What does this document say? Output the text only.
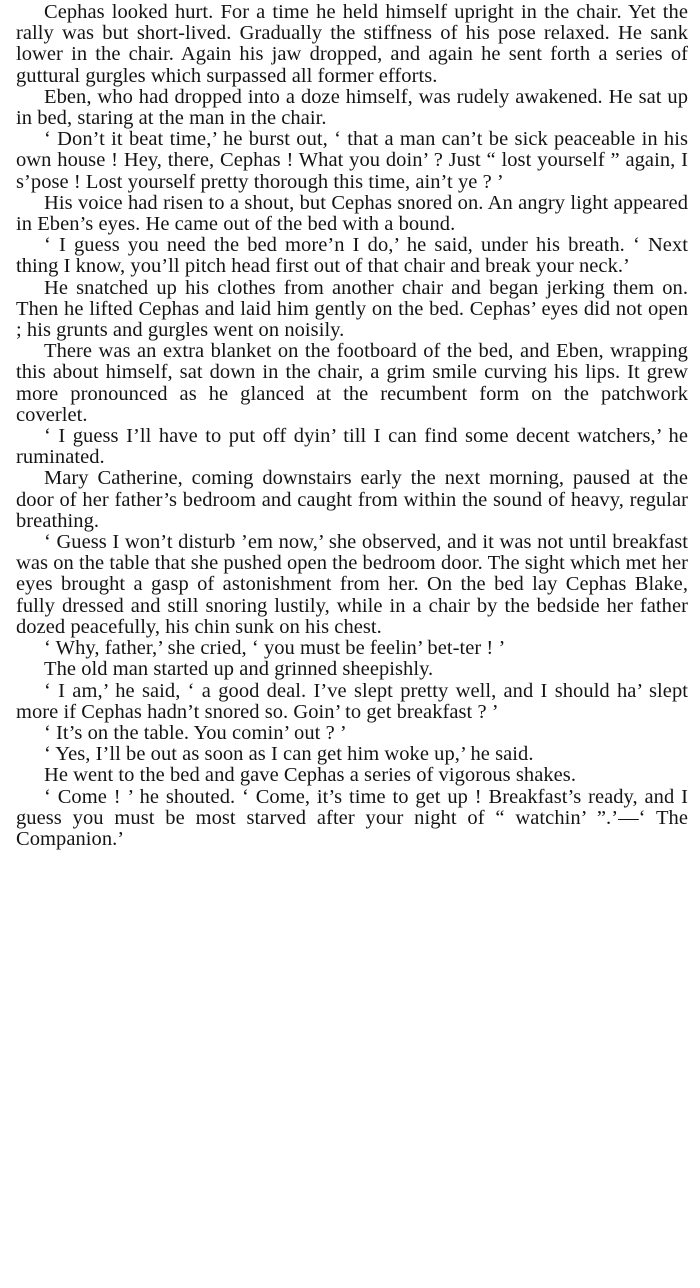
Cephas looked hurt. For a time he held himself upright in the chair. Yet the rally was but short-lived. Gradually the stiffness of his pose relaxed. He sank lower in the chair. Again his jaw dropped, and again he sent forth a series of guttural gurgles which surpassed all former efforts.

Eben, who had dropped into a doze himself, was rudely awakened. He sat up in bed, staring at the man in the chair.

‘ Don’t it beat time,’ he burst out, ‘ that a man can’t be sick peaceable in his own house ! Hey, there, Cephas ! What you doin’ ? Just “ lost yourself ” again, I s’pose ! Lost yourself pretty thorough this time, ain’t ye ? ’

His voice had risen to a shout, but Cephas snored on. An angry light appeared in Eben’s eyes. He came out of the bed with a bound.

‘ I guess you need the bed more’n I do,’ he said, under his breath. ‘ Next thing I know, you’ll pitch head first out of that chair and break your neck.’

He snatched up his clothes from another chair and began jerking them on. Then he lifted Cephas and laid him gently on the bed. Cephas’ eyes did not open ; his grunts and gurgles went on noisily.

There was an extra blanket on the footboard of the bed, and Eben, wrapping this about himself, sat down in the chair, a grim smile curving his lips. It grew more pronounced as he glanced at the recumbent form on the patchwork coverlet.

‘ I guess I’ll have to put off dyin’ till I can find some decent watchers,’ he ruminated.

Mary Catherine, coming downstairs early the next morning, paused at the door of her father’s bedroom and caught from within the sound of heavy, regular breathing.

‘ Guess I won’t disturb ’em now,’ she observed, and it was not until breakfast was on the table that she pushed open the bedroom door. The sight which met her eyes brought a gasp of astonishment from her. On the bed lay Cephas Blake, fully dressed and still snoring lustily, while in a chair by the bedside her father dozed peacefully, his chin sunk on his chest.

‘ Why, father,’ she cried, ‘ you must be feelin’ bet-ter ! ’

The old man started up and grinned sheepishly.

‘ I am,’ he said, ‘ a good deal. I’ve slept pretty well, and I should ha’ slept more if Cephas hadn’t snored so. Goin’ to get breakfast ? ’

‘ It’s on the table. You comin’ out ? ’

‘ Yes, I’ll be out as soon as I can get him woke up,’ he said.

He went to the bed and gave Cephas a series of vigorous shakes.

‘ Come ! ’ he shouted. ‘ Come, it’s time to get up ! Breakfast’s ready, and I guess you must be most starved after your night of “ watchin’ ”.’—‘ The Companion.’
